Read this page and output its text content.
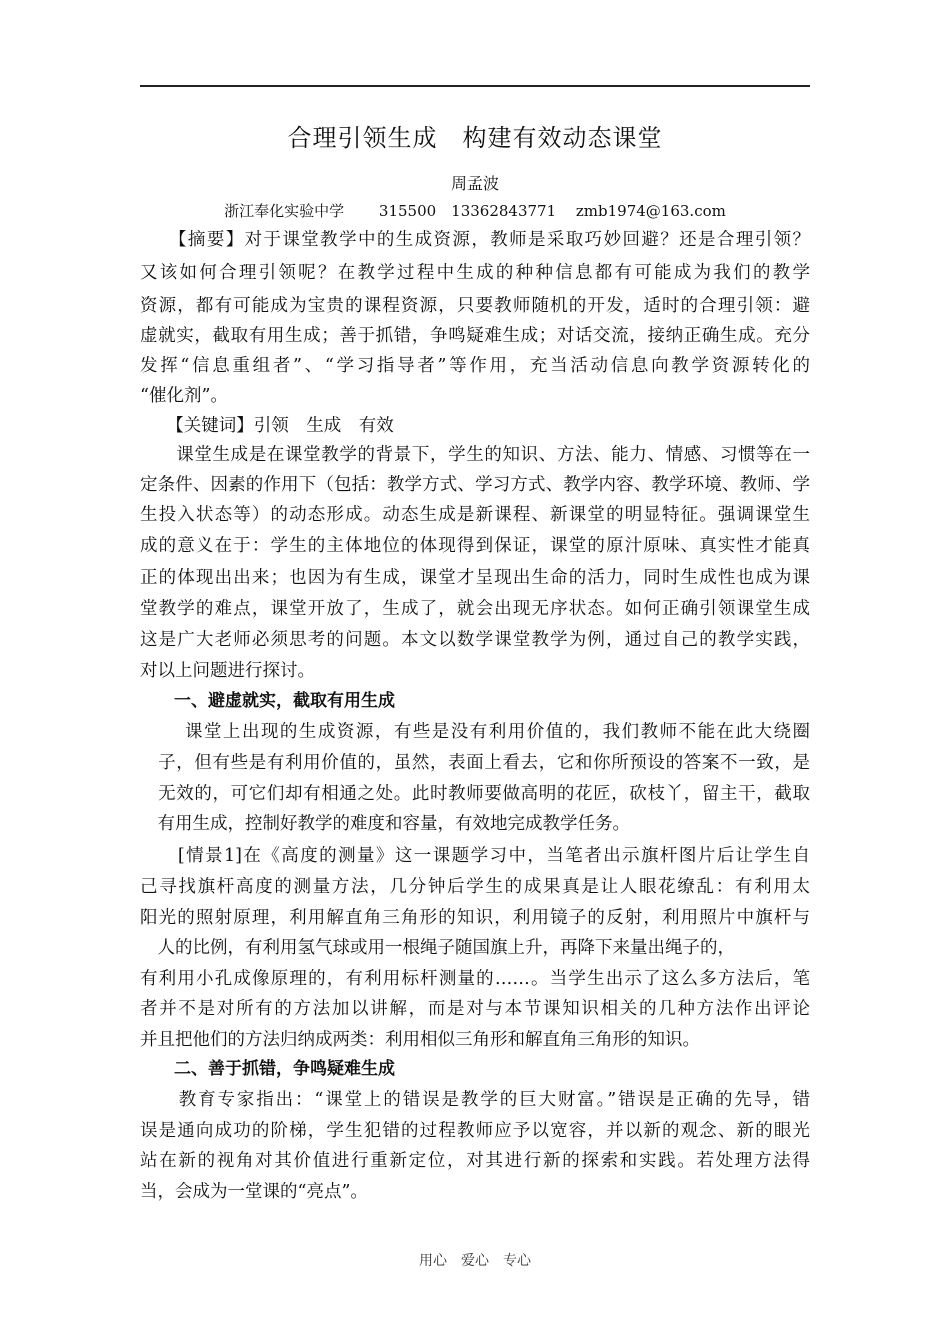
合理引领生成　构建有效动态课堂
周孟波
浙江奉化实验中学　　 315500　13362843771　 zmb1974@163.com
　　【摘要】对于课堂教学中的生成资源，教师是采取巧妙回避？还是合理引领？
又该如何合理引领呢？在教学过程中生成的种种信息都有可能成为我们的教学
资源，都有可能成为宝贵的课程资源，只要教师随机的开发，适时的合理引领：避
虚就实，截取有用生成；善于抓错，争鸣疑难生成；对话交流，接纳正确生成。充分
发挥“信息重组者”、“学习指导者”等作用，充当活动信息向教学资源转化的
“催化剂”。
　　【关键词】引领　生成　有效
　　课堂生成是在课堂教学的背景下，学生的知识、方法、能力、情感、习惯等在一
定条件、因素的作用下（包括：教学方式、学习方式、教学内容、教学环境、教师、学
生投入状态等）的动态形成。动态生成是新课程、新课堂的明显特征。强调课堂生
成的意义在于：学生的主体地位的体现得到保证，课堂的原汁原味、真实性才能真
正的体现出出来；也因为有生成，课堂才呈现出生命的活力，同时生成性也成为课
堂教学的难点，课堂开放了，生成了，就会出现无序状态。如何正确引领课堂生成
这是广大老师必须思考的问题。本文以数学课堂教学为例，通过自己的教学实践，
对以上问题进行探讨。
　　一、避虚就实，截取有用生成
　　 课堂上出现的生成资源，有些是没有利用价值的，我们教师不能在此大绕圈
　子，但有些是有利用价值的，虽然，表面上看去，它和你所预设的答案不一致，是
　无效的，可它们却有相通之处。此时教师要做高明的花匠，砍枝丫，留主干，截取
　有用生成，控制好教学的难度和容量，有效地完成教学任务。
　　[情景1]在《高度的测量》这一课题学习中，当笔者出示旗杆图片后让学生自
己寻找旗杆高度的测量方法，几分钟后学生的成果真是让人眼花缭乱：有利用太
阳光的照射原理，利用解直角三角形的知识，利用镜子的反射，利用照片中旗杆与
　人的比例，有利用氢气球或用一根绳子随国旗上升，再降下来量出绳子的，
有利用小孔成像原理的，有利用标杆测量的……。当学生出示了这么多方法后，笔
者并不是对所有的方法加以讲解，而是对与本节课知识相关的几种方法作出评论
并且把他们的方法归纳成两类：利用相似三角形和解直角三角形的知识。
　　二、善于抓错，争鸣疑难生成
　　教育专家指出：“课堂上的错误是教学的巨大财富。”错误是正确的先导，错
误是通向成功的阶梯，学生犯错的过程教师应予以宽容，并以新的观念、新的眼光
站在新的视角对其价值进行重新定位，对其进行新的探索和实践。若处理方法得
当，会成为一堂课的“亮点”。
用心　爱心　专心
